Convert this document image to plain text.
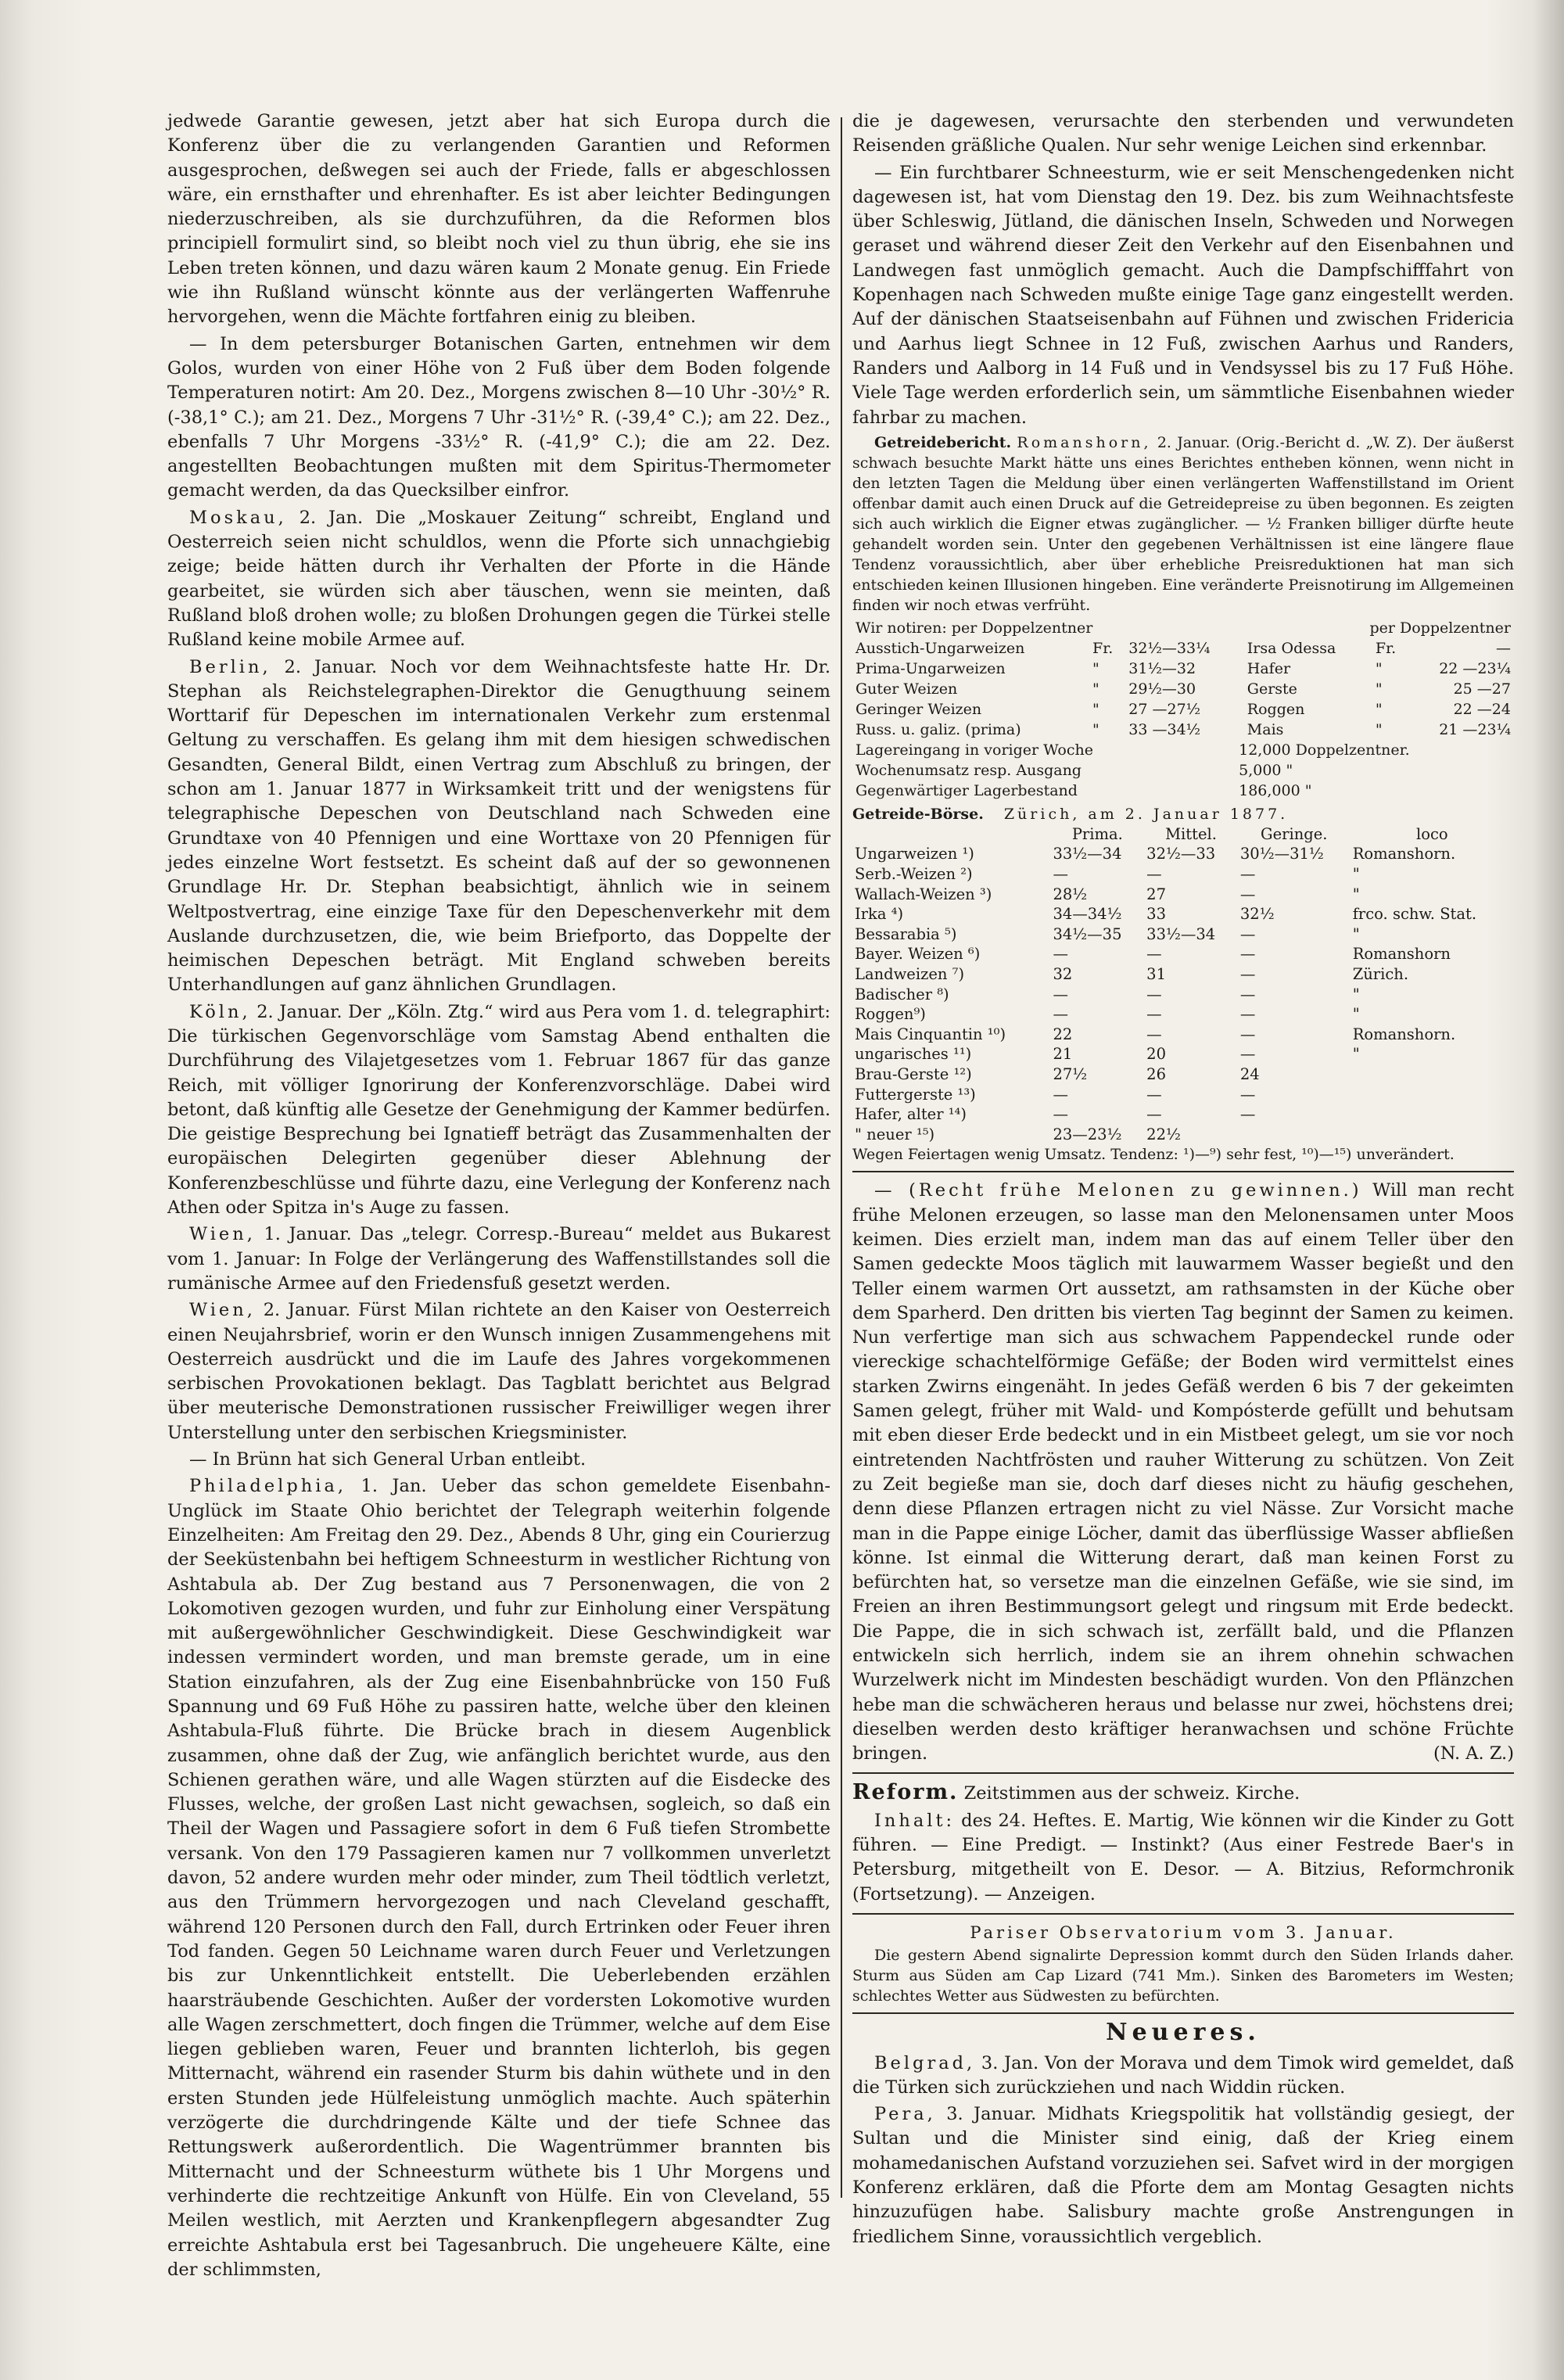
jedwede Garantie gewesen, jetzt aber hat sich Europa durch die Konferenz über die zu verlangenden Garantien und Reformen ausgesprochen, deßwegen sei auch der Friede, falls er abgeschlossen wäre, ein ernsthafter und ehrenhafter. Es ist aber leichter Bedingungen niederzuschreiben, als sie durchzuführen, da die Reformen blos principiell formulirt sind, so bleibt noch viel zu thun übrig, ehe sie ins Leben treten können, und dazu wären kaum 2 Monate genug. Ein Friede wie ihn Rußland wünscht könnte aus der verlängerten Waffenruhe hervorgehen, wenn die Mächte fortfahren einig zu bleiben.

— In dem petersburger Botanischen Garten, entnehmen wir dem Golos, wurden von einer Höhe von 2 Fuß über dem Boden folgende Temperaturen notirt: Am 20. Dez., Morgens zwischen 8—10 Uhr -30½° R. (-38,1° C.); am 21. Dez., Morgens 7 Uhr -31½° R. (-39,4° C.); am 22. Dez., ebenfalls 7 Uhr Morgens -33½° R. (-41,9° C.); die am 22. Dez. angestellten Beobachtungen mußten mit dem Spiritus-Thermometer gemacht werden, da das Quecksilber einfror.

Moskau, 2. Jan. Die „Moskauer Zeitung“ schreibt, England und Oesterreich seien nicht schuldlos, wenn die Pforte sich unnachgiebig zeige; beide hätten durch ihr Verhalten der Pforte in die Hände gearbeitet, sie würden sich aber täuschen, wenn sie meinten, daß Rußland bloß drohen wolle; zu bloßen Drohungen gegen die Türkei stelle Rußland keine mobile Armee auf.

Berlin, 2. Januar. Noch vor dem Weihnachtsfeste hatte Hr. Dr. Stephan als Reichstelegraphen-Direktor die Genugthuung seinem Worttarif für Depeschen im internationalen Verkehr zum erstenmal Geltung zu verschaffen. Es gelang ihm mit dem hiesigen schwedischen Gesandten, General Bildt, einen Vertrag zum Abschluß zu bringen, der schon am 1. Januar 1877 in Wirksamkeit tritt und der wenigstens für telegraphische Depeschen von Deutschland nach Schweden eine Grundtaxe von 40 Pfennigen und eine Worttaxe von 20 Pfennigen für jedes einzelne Wort festsetzt. Es scheint daß auf der so gewonnenen Grundlage Hr. Dr. Stephan beabsichtigt, ähnlich wie in seinem Weltpostvertrag, eine einzige Taxe für den Depeschenverkehr mit dem Auslande durchzusetzen, die, wie beim Briefporto, das Doppelte der heimischen Depeschen beträgt. Mit England schweben bereits Unterhandlungen auf ganz ähnlichen Grundlagen.

Köln, 2. Januar. Der „Köln. Ztg.“ wird aus Pera vom 1. d. telegraphirt: Die türkischen Gegenvorschläge vom Samstag Abend enthalten die Durchführung des Vilajetgesetzes vom 1. Februar 1867 für das ganze Reich, mit völliger Ignorirung der Konferenzvorschläge. Dabei wird betont, daß künftig alle Gesetze der Genehmigung der Kammer bedürfen. Die geistige Besprechung bei Ignatieff beträgt das Zusammenhalten der europäischen Delegirten gegenüber dieser Ablehnung der Konferenzbeschlüsse und führte dazu, eine Verlegung der Konferenz nach Athen oder Spitza in's Auge zu fassen.

Wien, 1. Januar. Das „telegr. Corresp.-Bureau“ meldet aus Bukarest vom 1. Januar: In Folge der Verlängerung des Waffenstillstandes soll die rumänische Armee auf den Friedensfuß gesetzt werden.

Wien, 2. Januar. Fürst Milan richtete an den Kaiser von Oesterreich einen Neujahrsbrief, worin er den Wunsch innigen Zusammengehens mit Oesterreich ausdrückt und die im Laufe des Jahres vorgekommenen serbischen Provokationen beklagt. Das Tagblatt berichtet aus Belgrad über meuterische Demonstrationen russischer Freiwilliger wegen ihrer Unterstellung unter den serbischen Kriegsminister.

— In Brünn hat sich General Urban entleibt.

Philadelphia, 1. Jan. Ueber das schon gemeldete Eisenbahn-Unglück im Staate Ohio berichtet der Telegraph weiterhin folgende Einzelheiten: Am Freitag den 29. Dez., Abends 8 Uhr, ging ein Courierzug der Seeküstenbahn bei heftigem Schneesturm in westlicher Richtung von Ashtabula ab. Der Zug bestand aus 7 Personenwagen, die von 2 Lokomotiven gezogen wurden, und fuhr zur Einholung einer Verspätung mit außergewöhnlicher Geschwindigkeit. Diese Geschwindigkeit war indessen vermindert worden, und man bremste gerade, um in eine Station einzufahren, als der Zug eine Eisenbahnbrücke von 150 Fuß Spannung und 69 Fuß Höhe zu passiren hatte, welche über den kleinen Ashtabula-Fluß führte. Die Brücke brach in diesem Augenblick zusammen, ohne daß der Zug, wie anfänglich berichtet wurde, aus den Schienen gerathen wäre, und alle Wagen stürzten auf die Eisdecke des Flusses, welche, der großen Last nicht gewachsen, sogleich, so daß ein Theil der Wagen und Passagiere sofort in dem 6 Fuß tiefen Strombette versank. Von den 179 Passagieren kamen nur 7 vollkommen unverletzt davon, 52 andere wurden mehr oder minder, zum Theil tödtlich verletzt, aus den Trümmern hervorgezogen und nach Cleveland geschafft, während 120 Personen durch den Fall, durch Ertrinken oder Feuer ihren Tod fanden. Gegen 50 Leichname waren durch Feuer und Verletzungen bis zur Unkenntlichkeit entstellt. Die Ueberlebenden erzählen haarsträubende Geschichten. Außer der vordersten Lokomotive wurden alle Wagen zerschmettert, doch fingen die Trümmer, welche auf dem Eise liegen geblieben waren, Feuer und brannten lichterloh, bis gegen Mitternacht, während ein rasender Sturm bis dahin wüthete und in den ersten Stunden jede Hülfeleistung unmöglich machte. Auch späterhin verzögerte die durchdringende Kälte und der tiefe Schnee das Rettungswerk außerordentlich. Die Wagentrümmer brannten bis Mitternacht und der Schneesturm wüthete bis 1 Uhr Morgens und verhinderte die rechtzeitige Ankunft von Hülfe. Ein von Cleveland, 55 Meilen westlich, mit Aerzten und Krankenpflegern abgesandter Zug erreichte Ashtabula erst bei Tagesanbruch. Die ungeheuere Kälte, eine der schlimmsten,

die je dagewesen, verursachte den sterbenden und verwundeten Reisenden gräßliche Qualen. Nur sehr wenige Leichen sind erkennbar.

— Ein furchtbarer Schneesturm, wie er seit Menschengedenken nicht dagewesen ist, hat vom Dienstag den 19. Dez. bis zum Weihnachtsfeste über Schleswig, Jütland, die dänischen Inseln, Schweden und Norwegen geraset und während dieser Zeit den Verkehr auf den Eisenbahnen und Landwegen fast unmöglich gemacht. Auch die Dampfschifffahrt von Kopenhagen nach Schweden mußte einige Tage ganz eingestellt werden. Auf der dänischen Staatseisenbahn auf Fühnen und zwischen Fridericia und Aarhus liegt Schnee in 12 Fuß, zwischen Aarhus und Randers, Randers und Aalborg in 14 Fuß und in Vendsyssel bis zu 17 Fuß Höhe. Viele Tage werden erforderlich sein, um sämmtliche Eisenbahnen wieder fahrbar zu machen.

Getreidebericht. Romanshorn, 2. Januar. (Orig.-Bericht d. „W. Z). Der äußerst schwach besuchte Markt hätte uns eines Berichtes entheben können, wenn nicht in den letzten Tagen die Meldung über einen verlängerten Waffenstillstand im Orient offenbar damit auch einen Druck auf die Getreidepreise zu üben begonnen. Es zeigten sich auch wirklich die Eigner etwas zugänglicher. — ½ Franken billiger dürfte heute gehandelt worden sein. Unter den gegebenen Verhältnissen ist eine längere flaue Tendenz voraussichtlich, aber über erhebliche Preisreduktionen hat man sich entschieden keinen Illusionen hingeben. Eine veränderte Preisnotirung im Allgemeinen finden wir noch etwas verfrüht.

Wir notiren: per Doppelzentner			per Doppelzentner		
Ausstich-Ungarweizen	Fr.	32½—33¼	Irsa Odessa	Fr.	—
Prima-Ungarweizen	"	31½—32	Hafer	"	22 —23¼
Guter Weizen	"	29½—30	Gerste	"	25 —27
Geringer Weizen	"	27 —27½	Roggen	"	22 —24
Russ. u. galiz. (prima)	"	33 —34½	Mais	"	21 —23¼
Lagereingang in voriger Woche	12,000 Doppelzentner.
Wochenumsatz resp. Ausgang	5,000 "
Gegenwärtiger Lagerbestand	186,000 "
Getreide-Börse. Zürich, am 2. Januar 1877.
	Prima.	Mittel.	Geringe.	loco
Ungarweizen ¹)	33½—34	32½—33	30½—31½	Romanshorn.
Serb.-Weizen ²)	—	—	—	"
Wallach-Weizen ³)	28½	27	—	"
Irka ⁴)	34—34½	33	32½	frco. schw. Stat.
Bessarabia ⁵)	34½—35	33½—34	—	"
Bayer. Weizen ⁶)	—	—	—	Romanshorn
Landweizen ⁷)	32	31	—	Zürich.
Badischer ⁸)	—	—	—	"
Roggen⁹)	—	—	—	"
Mais Cinquantin ¹⁰)	22	—	—	Romanshorn.
ungarisches ¹¹)	21	20	—	"
Brau-Gerste ¹²)	27½	26	24	
Futtergerste ¹³)	—	—	—	
Hafer, alter ¹⁴)	—	—	—	
" neuer ¹⁵)	23—23½	22½		
Wegen Feiertagen wenig Umsatz. Tendenz: ¹)—⁹) sehr fest, ¹⁰)—¹⁵) unverändert.

— (Recht frühe Melonen zu gewinnen.) Will man recht frühe Melonen erzeugen, so lasse man den Melonensamen unter Moos keimen. Dies erzielt man, indem man das auf einem Teller über den Samen gedeckte Moos täglich mit lauwarmem Wasser begießt und den Teller einem warmen Ort aussetzt, am rathsamsten in der Küche ober dem Sparherd. Den dritten bis vierten Tag beginnt der Samen zu keimen. Nun verfertige man sich aus schwachem Pappendeckel runde oder viereckige schachtelförmige Gefäße; der Boden wird vermittelst eines starken Zwirns eingenäht. In jedes Gefäß werden 6 bis 7 der gekeimten Samen gelegt, früher mit Wald- und Kompósterde gefüllt und behutsam mit eben dieser Erde bedeckt und in ein Mistbeet gelegt, um sie vor noch eintretenden Nachtfrösten und rauher Witterung zu schützen. Von Zeit zu Zeit begieße man sie, doch darf dieses nicht zu häufig geschehen, denn diese Pflanzen ertragen nicht zu viel Nässe. Zur Vorsicht mache man in die Pappe einige Löcher, damit das überflüssige Wasser abfließen könne. Ist einmal die Witterung derart, daß man keinen Forst zu befürchten hat, so versetze man die einzelnen Gefäße, wie sie sind, im Freien an ihren Bestimmungsort gelegt und ringsum mit Erde bedeckt. Die Pappe, die in sich schwach ist, zerfällt bald, und die Pflanzen entwickeln sich herrlich, indem sie an ihrem ohnehin schwachen Wurzelwerk nicht im Mindesten beschädigt wurden. Von den Pflänzchen hebe man die schwächeren heraus und belasse nur zwei, höchstens drei; dieselben werden desto kräftiger heranwachsen und schöne Früchte bringen.	(N. A. Z.)

Reform. Zeitstimmen aus der schweiz. Kirche.

Inhalt: des 24. Heftes. E. Martig, Wie können wir die Kinder zu Gott führen. — Eine Predigt. — Instinkt? (Aus einer Festrede Baer's in Petersburg, mitgetheilt von E. Desor. — A. Bitzius, Reformchronik (Fortsetzung). — Anzeigen.

Pariser Observatorium vom 3. Januar.

Die gestern Abend signalirte Depression kommt durch den Süden Irlands daher. Sturm aus Süden am Cap Lizard (741 Mm.). Sinken des Barometers im Westen; schlechtes Wetter aus Südwesten zu befürchten.

Neueres.

Belgrad, 3. Jan. Von der Morava und dem Timok wird gemeldet, daß die Türken sich zurückziehen und nach Widdin rücken.

Pera, 3. Januar. Midhats Kriegspolitik hat vollständig gesiegt, der Sultan und die Minister sind einig, daß der Krieg einem mohamedanischen Aufstand vorzuziehen sei. Safvet wird in der morgigen Konferenz erklären, daß die Pforte dem am Montag Gesagten nichts hinzuzufügen habe. Salisbury machte große Anstrengungen in friedlichem Sinne, voraussichtlich vergeblich.
